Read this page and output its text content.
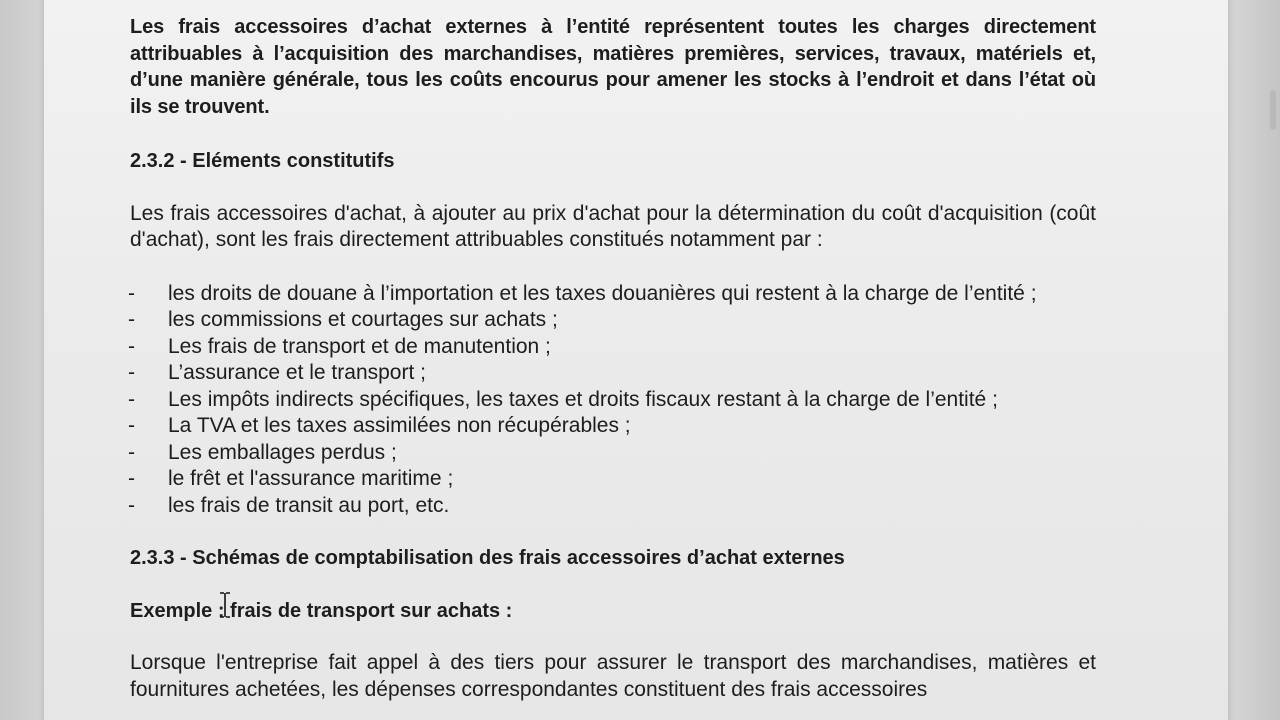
Les frais accessoires d’achat externes à l’entité représentent toutes les charges directement attribuables à l’acquisition des marchandises, matières premières, services, travaux, matériels et, d’une manière générale, tous les coûts encourus pour amener les stocks à l’endroit et dans l’état où ils se trouvent.

2.3.2 - Eléments constitutifs

Les frais accessoires d'achat, à ajouter au prix d'achat pour la détermination du coût d'acquisition (coût d'achat), sont les frais directement attribuables constitués notamment par :

- les droits de douane à l’importation et les taxes douanières qui restent à la charge de l’entité ;
- les commissions et courtages sur achats ;
- Les frais de transport et de manutention ;
- L’assurance et le transport ;
- Les impôts indirects spécifiques, les taxes et droits fiscaux restant à la charge de l’entité ;
- La TVA et les taxes assimilées non récupérables ;
- Les emballages perdus ;
- le frêt et l'assurance maritime ;
- les frais de transit au port, etc.

2.3.3 - Schémas de comptabilisation des frais accessoires d’achat externes

Exemple : frais de transport sur achats :

Lorsque l'entreprise fait appel à des tiers pour assurer le transport des marchandises, matières et fournitures achetées, les dépenses correspondantes constituent des frais accessoires
